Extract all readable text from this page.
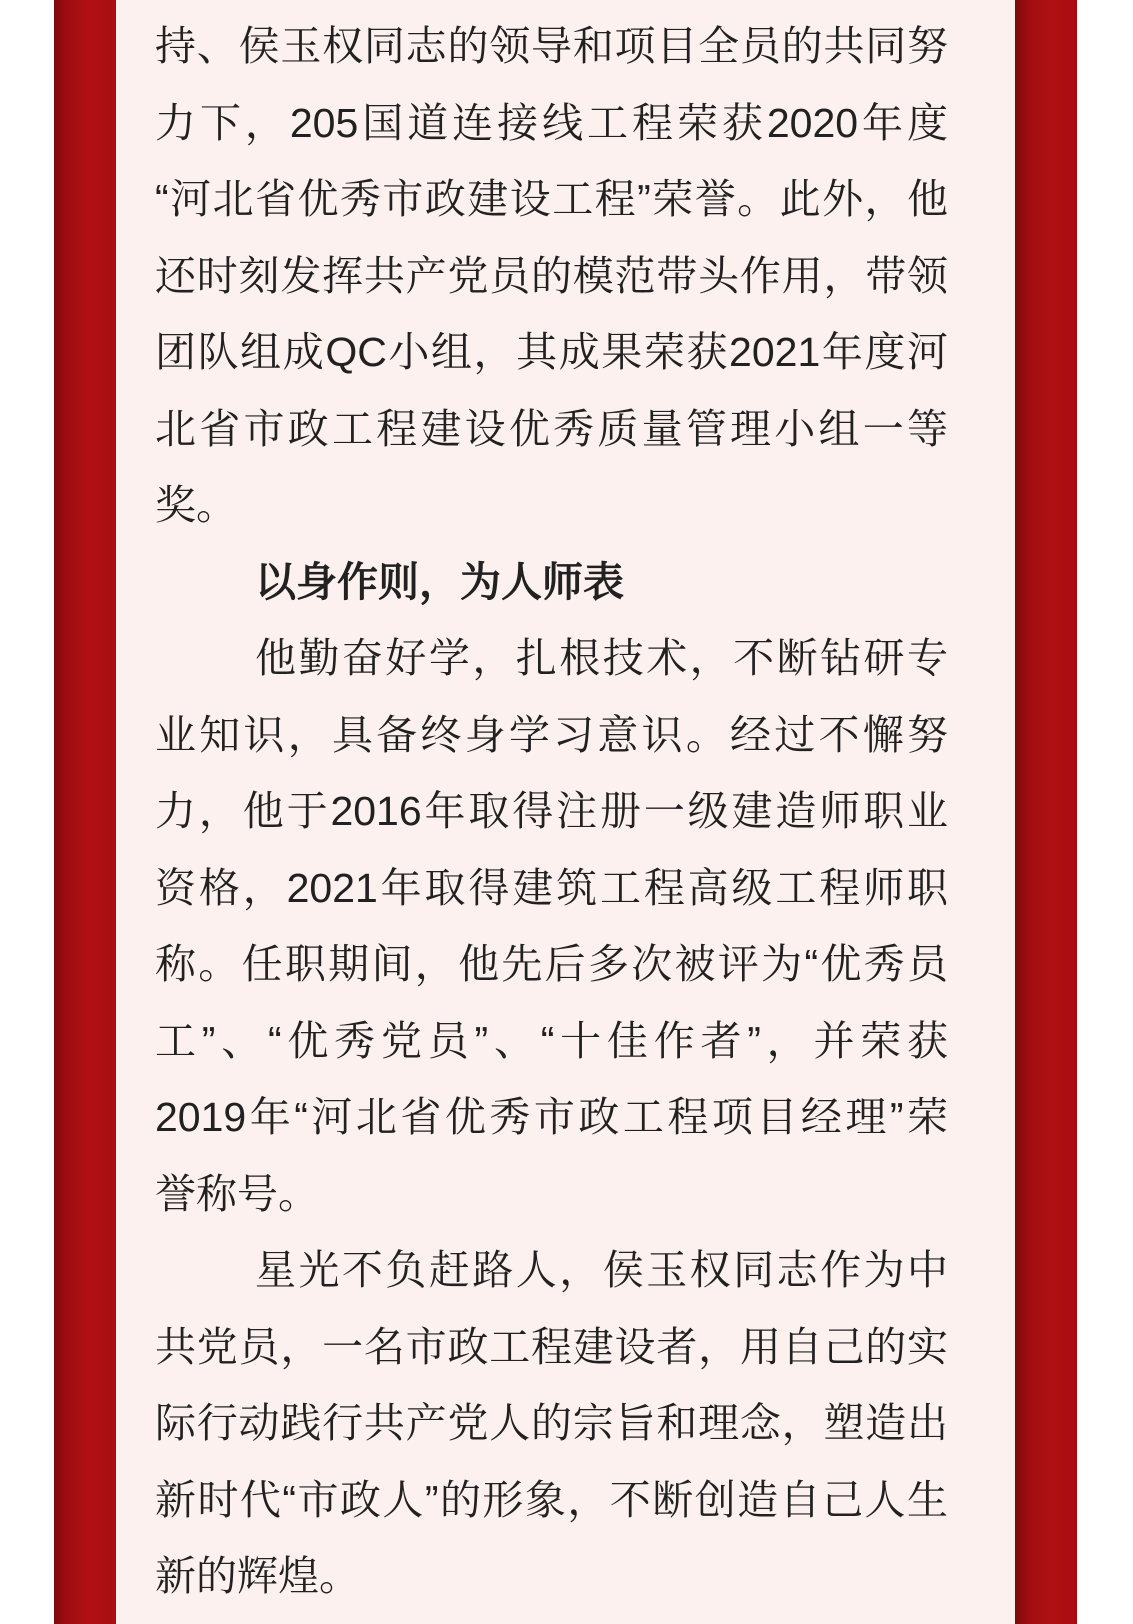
持、侯玉权同志的领导和项目全员的共同努
力下，205国道连接线工程荣获2020年度
“河北省优秀市政建设工程”荣誉。此外，他
还时刻发挥共产党员的模范带头作用，带领
团队组成QC小组，其成果荣获2021年度河
北省市政工程建设优秀质量管理小组一等
奖。
以身作则，为人师表
他勤奋好学，扎根技术，不断钻研专
业知识，具备终身学习意识。经过不懈努
力，他于2016年取得注册一级建造师职业
资格，2021年取得建筑工程高级工程师职
称。任职期间，他先后多次被评为“优秀员
工”、“优秀党员”、“十佳作者”，并荣获
2019年“河北省优秀市政工程项目经理”荣
誉称号。
星光不负赶路人，侯玉权同志作为中
共党员，一名市政工程建设者，用自己的实
际行动践行共产党人的宗旨和理念，塑造出
新时代“市政人”的形象，不断创造自己人生
新的辉煌。
